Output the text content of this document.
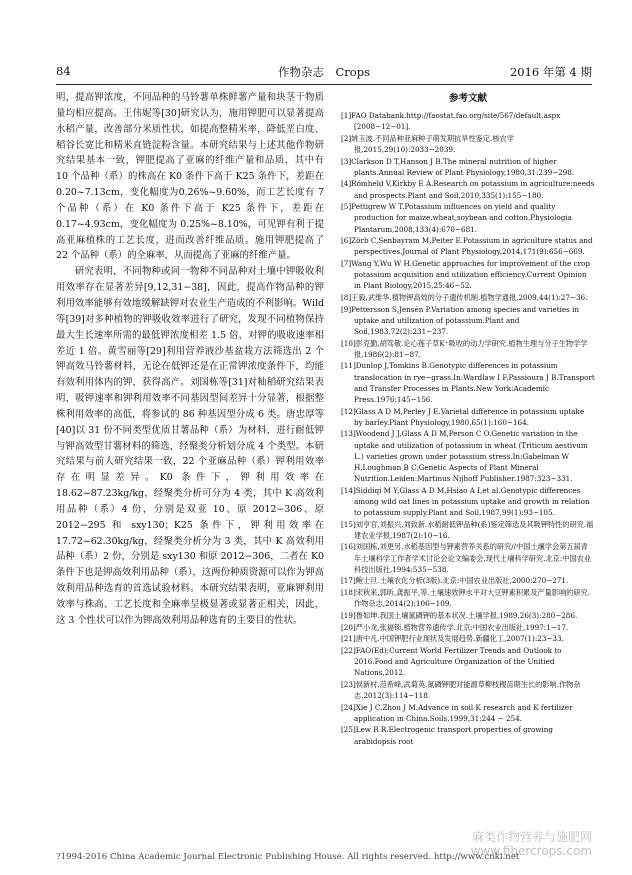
84	作物杂志　Crops	2016 年第 4 期

明，提高钾浓度，不同品种的马铃薯单株鲜薯产量和块茎干物质量均相应提高。王伟妮等[30]研究认为，施用钾肥可以显著提高水稻产量，改善部分米质性状，如提高整精米率，降低垩白度、稻谷长宽比和精米直链淀粉含量。本研究结果与上述其他作物研究结果基本一致，钾肥提高了亚麻的纤维产量和品质，其中有 10 个品种（系）的株高在 K0 条件下高于 K25 条件下，差距在 0.20~7.13cm，变化幅度为0.26%~9.60%，而工艺长度有 7 个品种（系）在 K0 条件下高于 K25 条件下，差距在 0.17~4.93cm，变化幅度为 0.25%~8.10%，可见钾有利于提高亚麻植株的工艺长度，进而改善纤维品质。施用钾肥提高了 22 个品种（系）的全麻率，从而提高了亚麻的纤维产量。

研究表明，不同物种或同一物种不同品种对土壤中钾吸收利用效率存在显著差异[9,12,31−38]，因此，提高作物品种的钾利用效率能够有效地缓解缺钾对农业生产造成的不利影响。Wild 等[39]对多种植物的钾吸收效率进行了研究，发现不同植物保持最大生长速率所需的最低钾浓度相差 1.5 倍，对钾的吸收速率相差近 1 倍。黄雪丽等[29]利用营养液沙基盆栽方法筛选出 2 个钾高效马铃薯材料，无论在低钾还是在正常钾浓度条件下，均能有效利用体内的钾，获得高产。刘国栋等[31]对籼稻研究结果表明，吸钾速率和钾利用效率不同基因型间差异十分显著，根据整株利用效率的高低，将参试的 86 种基因型分成 6 类。唐忠厚等[40]以 31 份不同类型优质甘薯品种（系）为材料，进行耐低钾与钾高效型甘薯材料的筛选，经聚类分析划分成 4 个类型。本研究结果与前人研究结果一致，22 个亚麻品种（系）钾利用效率存在明显差异。K0 条件下，钾利用效率在 18.62~87.23kg/kg，经聚类分析可分为 4 类，其中 K 高效利用品种（系）4 份，分别是双亚 10、原 2012−306、原 2012−295 和 sxy130；K25 条件下，钾利用效率在 17.72~62.30kg/kg，经聚类分析分为 3 类，其中 K 高效利用品种（系）2 份，分别是 sxy130 和原 2012−306，二者在 K0 条件下也是钾高效利用品种（系），这两份种质资源可以作为钾高效利用品种选育的首选试验材料。本研究结果表明，亚麻钾利用效率与株高、工艺长度和全麻率呈极显著或显著正相关，因此，这 3 个性状可以作为钾高效利用品种选育的主要目的性状。

参考文献
[1]FAO Databank.http://faostat.fao.org/site/567/default.aspx [2008−12−01].
[2]姚玉波.不同品种亚麻种子萌发期抗旱性鉴定.核农学报,2015,29(10):2033−2039.
[3]Clarkson D T,Hanson J B.The mineral nutrition of higher plants.Annual Review of Plant Physiology,1980,31:239−298.
[4]Römheld V,Kirkby E A.Research on potassium in agriculture:needs and prospects.Plant and Soil,2010,335(1):155−180.
[5]Pettigrew W T.Potassium influences on yield and quality production for maize,wheat,soybean and cotton.Physiologia Plantarum,2008,133(4):670−681.
[6]Zörb C,Senbayram M,Peiter E.Potassium in agriculture status and perspectives.Journal of Plant Physiology,2014,171(9):656−669.
[7]Wang Y,Wu W H.Genetic approaches for improvement of the crop potassium acquisition and utilization efficiency.Current Opinion in Plant Biology,2015,25:46−52.
[8]王毅,武维华.植物钾高效的分子遗传机制.植物学通报,2009,44(1):27−36.
[9]Pettersson S,Jensén P.Variation among species and varieties in uptake and utilization of potassium.Plant and Soil,1983,72(2):231−237.
[10]彭克勤,胡笃敬.论心莲子草K⁺吸收的动力学研究.植物生理与分子生物学学报,1986(2):81−87.
[11]Dunlop J,Tomkins B.Genotypic differences in potassium translocation in rye−grass.In:Wardlaw I F,Passioura J B.Transport and Transfer Processes in Plants.New York:Academic Press.1976:145−156.
[12]Glass A D M,Perley J E.Varietal difference in potassium uptake by barley.Plant Physiology,1980,65(1):160−164.
[13]Woodend J J,Glass A D M,Person C O.Genetic variation in the uptake and utilization of potassium in wheat (Triticum aestivum L.) varieties grown under potassium stress.In:Gabelman W H,Loughman B C.Genetic Aspects of Plant Mineral Nutrition.Leiden:Martinus Nijhoff Publisher.1987:323−331.
[14]Siddiqi M Y,Glass A D M,Hsiao A I,et al.Genotypic differences among wild oat lines in potassium uptake and growth in relation to potassium supply.Plant and Soil,1987,99(1):93−105.
[15]刘亨官,刘振兴,刘致新.水稻耐低钾品种(系)鉴定筛选及其吸钾特性的研究.福建农业学报,1987(2):10−16.
[16]刘国栋,刘更另.水稻基因型与钾素营养关系的研究//中国土壤学会第五届青年土壤科学工作者学术讨论会论文编委会.现代土壤科学研究.北京:中国农业科技出版社,1994:535−538.
[17]鲍士旦.土壤农化分析(3版).北京:中国农业出版社,2000:270−271.
[18]宋秋来,郭昕,龚振平,等.土壤速效钾水平对大豆钾素积累及产量影响的研究.作物杂志,2014(2):106−109.
[19]鲁如坤.我国土壤氮磷钾的基本状况.土壤学报,1989,26(3):280−286.
[20]严小龙,张福锁.植物营养遗传学.北京:中国农业出版社,1997:1−17.
[21]唐中凡.中国钾肥行业现状及发展趋势.新疆化工,2007(1):23−33.
[22]FAO(Ed):Current World Fertilizer Trends and Outlook to 2016.Food and Agriculture Organization of the Unitied Nations,2012.
[23]侯新村,范希峰,武菊英.氮磷钾肥对能源草柳枝稷苗期生长的影响.作物杂志,2012(3):114−118.
[24]Xie J C,Zhou J M.Advance in soil K research and K fertilizer application in China.Soils,1999,31:244 − 254.
[25]Lew R R.Electrogenic transport properties of growing arabidopsis root
麻类作物营养与施肥网
www.fibercrops.com
?1994-2016 China Academic Journal Electronic Publishing House. All rights reserved. http://www.cnki.net
